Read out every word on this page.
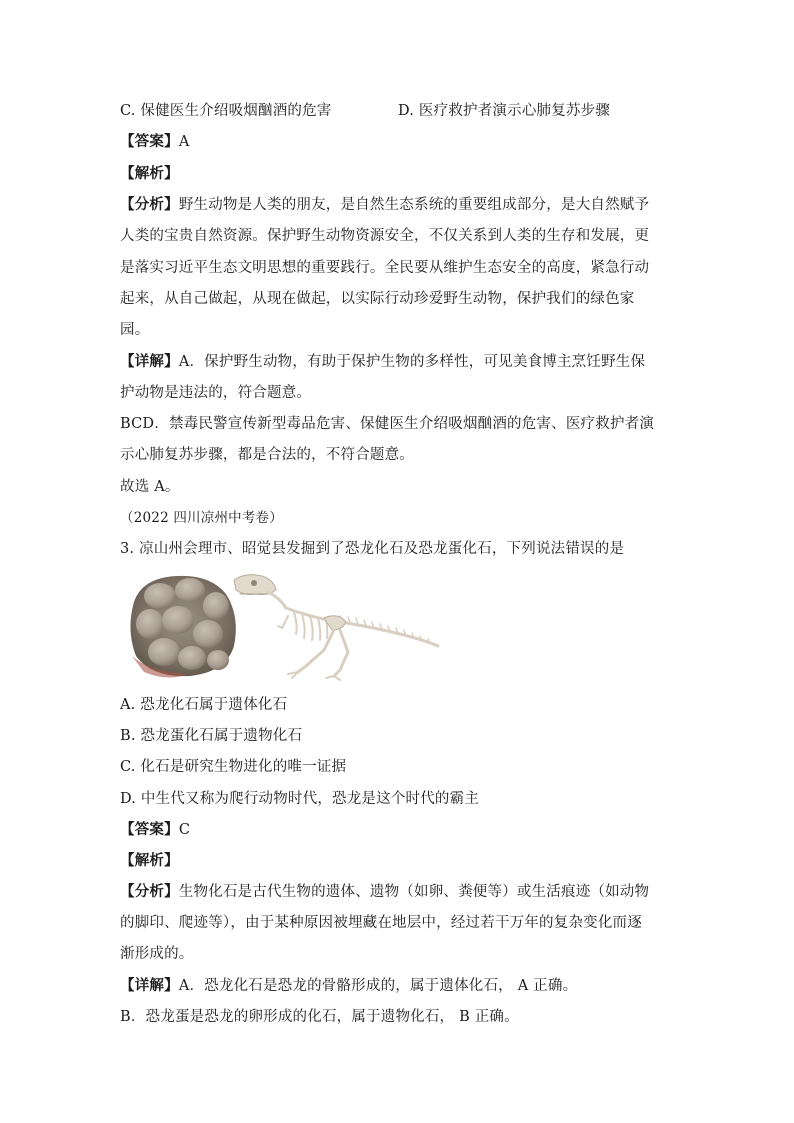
C. 保健医生介绍吸烟酗酒的危害	D. 医疗救护者演示心肺复苏步骤
【答案】A
【解析】
【分析】野生动物是人类的朋友，是自然生态系统的重要组成部分，是大自然赋予
人类的宝贵自然资源。保护野生动物资源安全，不仅关系到人类的生存和发展，更
是落实习近平生态文明思想的重要践行。全民要从维护生态安全的高度，紧急行动
起来，从自己做起，从现在做起，以实际行动珍爱野生动物，保护我们的绿色家
园。
【详解】A．保护野生动物，有助于保护生物的多样性，可见美食博主烹饪野生保
护动物是违法的，符合题意。
BCD．禁毒民警宣传新型毒品危害、保健医生介绍吸烟酗酒的危害、医疗救护者演
示心肺复苏步骤，都是合法的，不符合题意。
故选 A。
（2022 四川凉州中考卷）
3. 凉山州会理市、昭觉县发掘到了恐龙化石及恐龙蛋化石，下列说法错误的是
A. 恐龙化石属于遗体化石
B. 恐龙蛋化石属于遗物化石
C. 化石是研究生物进化的唯一证据
D. 中生代又称为爬行动物时代，恐龙是这个时代的霸主
【答案】C
【解析】
【分析】生物化石是古代生物的遗体、遗物（如卵、粪便等）或生活痕迹（如动物
的脚印、爬迹等），由于某种原因被埋藏在地层中，经过若干万年的复杂变化而逐
渐形成的。
【详解】A．恐龙化石是恐龙的骨骼形成的，属于遗体化石， A 正确。
B．恐龙蛋是恐龙的卵形成的化石，属于遗物化石， B 正确。
